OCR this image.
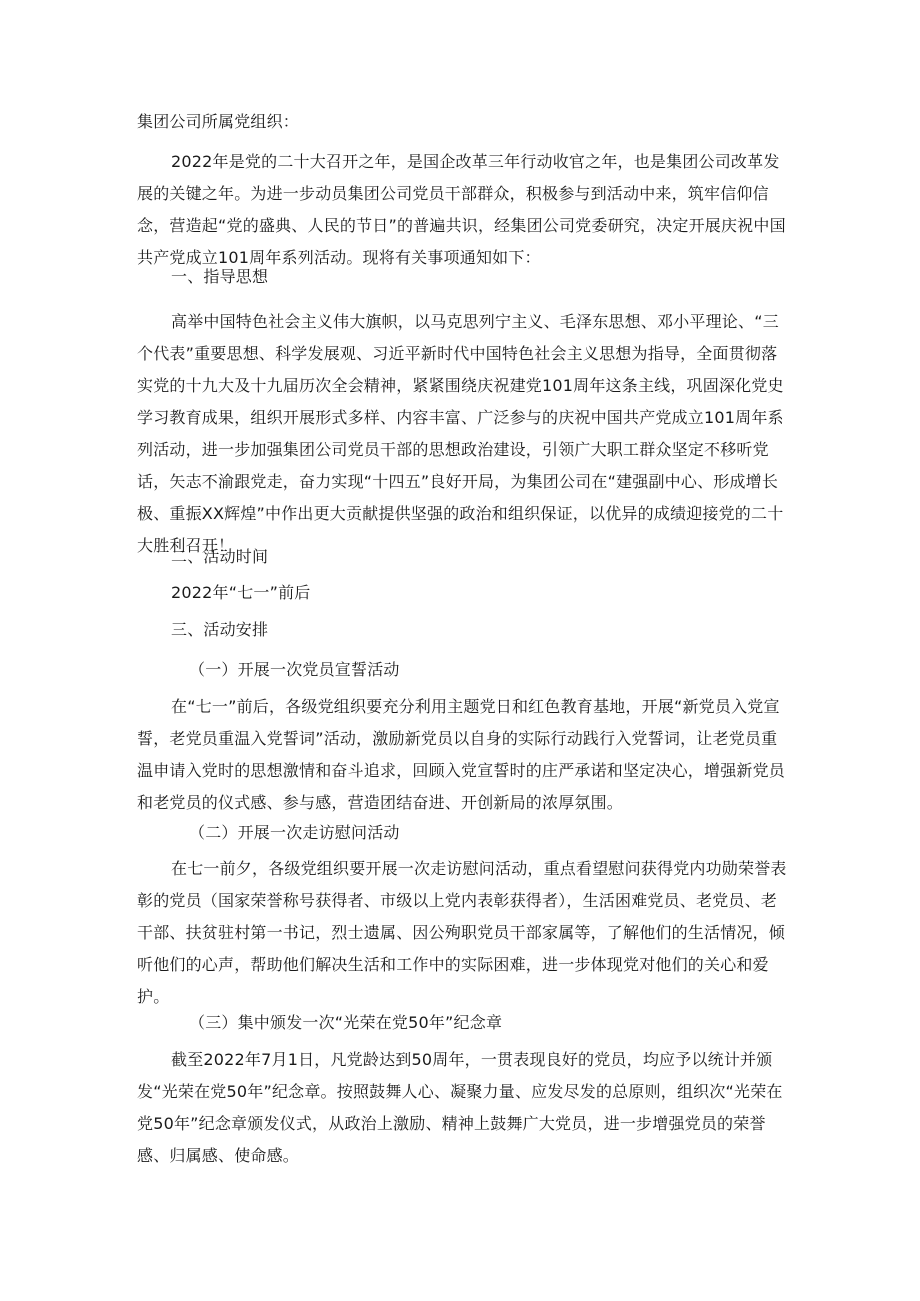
集团公司所属党组织：

2022年是党的二十大召开之年，是国企改革三年行动收官之年，也是集团公司改革发展的关键之年。为进一步动员集团公司党员干部群众，积极参与到活动中来，筑牢信仰信念，营造起“党的盛典、人民的节日”的普遍共识，经集团公司党委研究，决定开展庆祝中国共产党成立101周年系列活动。现将有关事项通知如下：

一、指导思想

高举中国特色社会主义伟大旗帜，以马克思列宁主义、毛泽东思想、邓小平理论、“三个代表”重要思想、科学发展观、习近平新时代中国特色社会主义思想为指导，全面贯彻落实党的十九大及十九届历次全会精神，紧紧围绕庆祝建党101周年这条主线，巩固深化党史学习教育成果，组织开展形式多样、内容丰富、广泛参与的庆祝中国共产党成立101周年系列活动，进一步加强集团公司党员干部的思想政治建设，引领广大职工群众坚定不移听党话，矢志不渝跟党走，奋力实现“十四五”良好开局，为集团公司在“建强副中心、形成增长极、重振XX辉煌”中作出更大贡献提供坚强的政治和组织保证，以优异的成绩迎接党的二十大胜利召开！

二、活动时间

2022年“七一”前后

三、活动安排

（一）开展一次党员宣誓活动

在“七一”前后，各级党组织要充分利用主题党日和红色教育基地，开展“新党员入党宣誓，老党员重温入党誓词”活动，激励新党员以自身的实际行动践行入党誓词，让老党员重温申请入党时的思想激情和奋斗追求，回顾入党宣誓时的庄严承诺和坚定决心，增强新党员和老党员的仪式感、参与感，营造团结奋进、开创新局的浓厚氛围。

（二）开展一次走访慰问活动

在七一前夕，各级党组织要开展一次走访慰问活动，重点看望慰问获得党内功勋荣誉表彰的党员（国家荣誉称号获得者、市级以上党内表彰获得者），生活困难党员、老党员、老干部、扶贫驻村第一书记，烈士遗属、因公殉职党员干部家属等，了解他们的生活情况，倾听他们的心声，帮助他们解决生活和工作中的实际困难，进一步体现党对他们的关心和爱护。

（三）集中颁发一次“光荣在党50年”纪念章

截至2022年7月1日，凡党龄达到50周年，一贯表现良好的党员，均应予以统计并颁发“光荣在党50年”纪念章。按照鼓舞人心、凝聚力量、应发尽发的总原则，组织次“光荣在党50年”纪念章颁发仪式，从政治上激励、精神上鼓舞广大党员，进一步增强党员的荣誉感、归属感、使命感。
